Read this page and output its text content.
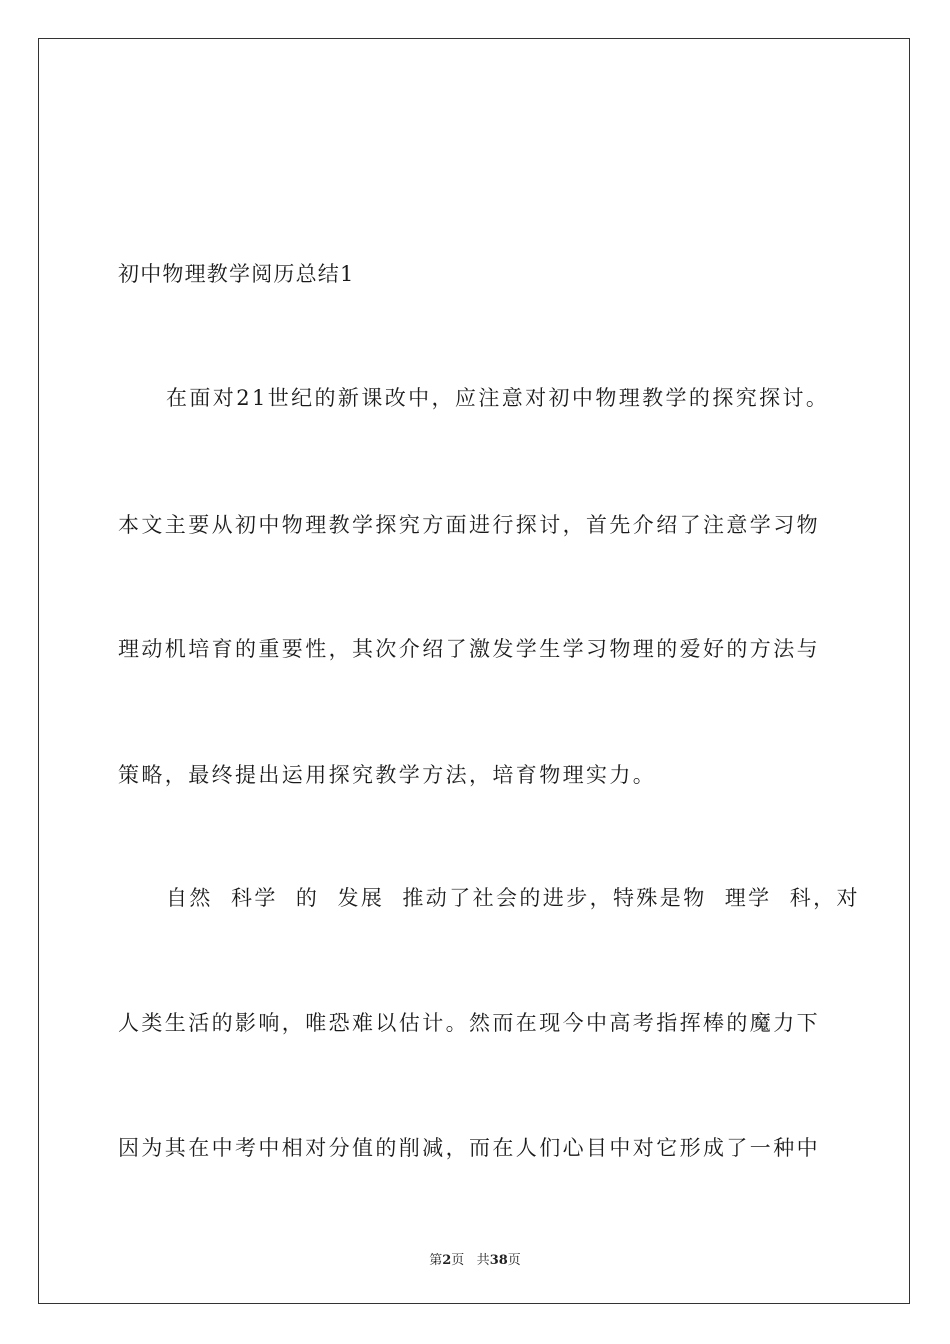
初中物理教学阅历总结1
在面对21世纪的新课改中，应注意对初中物理教学的探究探讨。
本文主要从初中物理教学探究方面进行探讨，首先介绍了注意学习物
理动机培育的重要性，其次介绍了激发学生学习物理的爱好的方法与
策略，最终提出运用探究教学方法，培育物理实力。
自然  科学  的  发展  推动了社会的进步，特殊是物  理学  科，对
人类生活的影响，唯恐难以估计。然而在现今中高考指挥棒的魔力下
因为其在中考中相对分值的削减，而在人们心目中对它形成了一种中
第2页 共38页
